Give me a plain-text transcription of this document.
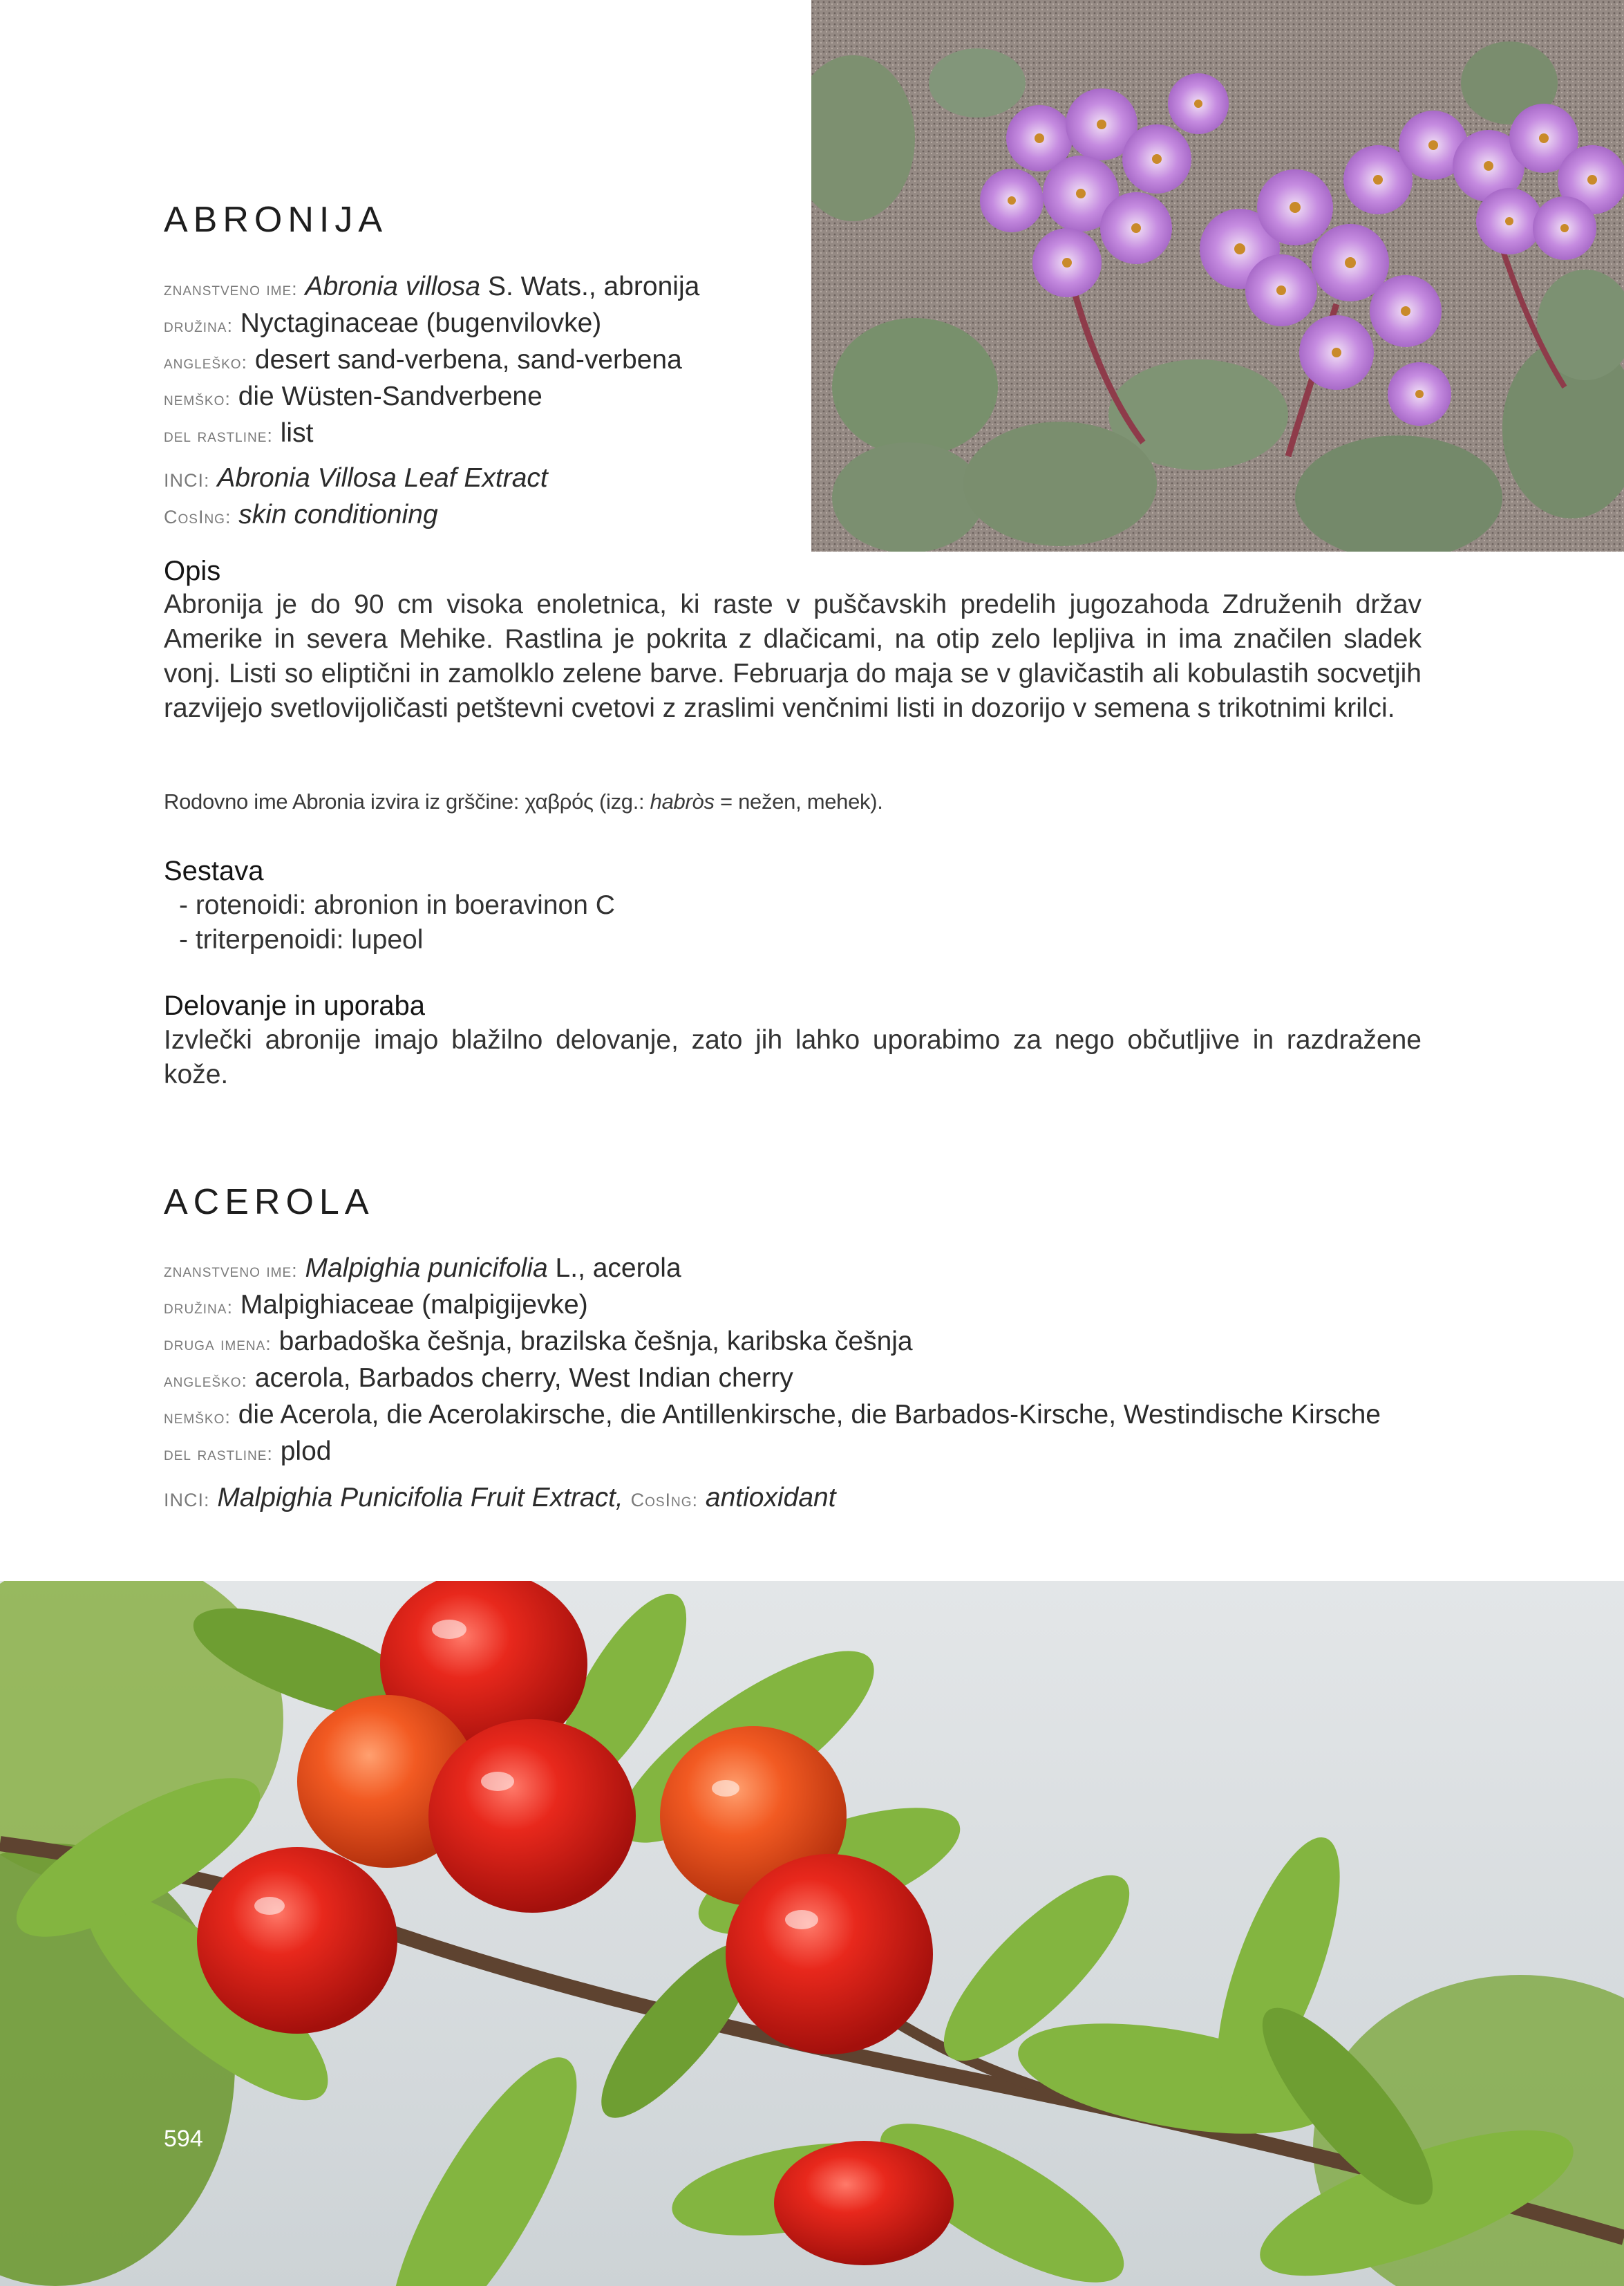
ABRONIJA
znanstveno ime: Abronia villosa S. Wats., abronija
družina: Nyctaginaceae (bugenvilovke)
angleško: desert sand-verbena, sand-verbena
nemško: die Wüsten-Sandverbene
del rastline: list
INCI: Abronia Villosa Leaf Extract
CosIng: skin conditioning
Opis
Abronija je do 90 cm visoka enoletnica, ki raste v puščavskih predelih jugozahoda Združenih držav Amerike in severa Mehike. Rastlina je pokrita z dlačicami, na otip zelo lepljiva in ima značilen sladek vonj. Listi so eliptični in zamolklo zelene barve. Februarja do maja se v glavičastih ali kobulastih socvetjih razvijejo svetlovijoličasti petštevni cvetovi z zraslimi venčnimi listi in dozorijo v semena s trikotnimi krilci.
Rodovno ime Abronia izvira iz grščine: χαβρός (izg.: habròs = nežen, mehek).
Sestava
- rotenoidi: abronion in boeravinon C
- triterpenoidi: lupeol
Delovanje in uporaba
Izvlečki abronije imajo blažilno delovanje, zato jih lahko uporabimo za nego občutljive in razdražene kože.
ACEROLA
znanstveno ime: Malpighia punicifolia L., acerola
družina: Malpighiaceae (malpigijevke)
druga imena: barbadoška češnja, brazilska češnja, karibska češnja
angleško: acerola, Barbados cherry, West Indian cherry
nemško: die Acerola, die Acerolakirsche, die Antillenkirsche, die Barbados-Kirsche, Westindische Kirsche
del rastline: plod
INCI: Malpighia Punicifolia Fruit Extract, CosIng: antioxidant
594
